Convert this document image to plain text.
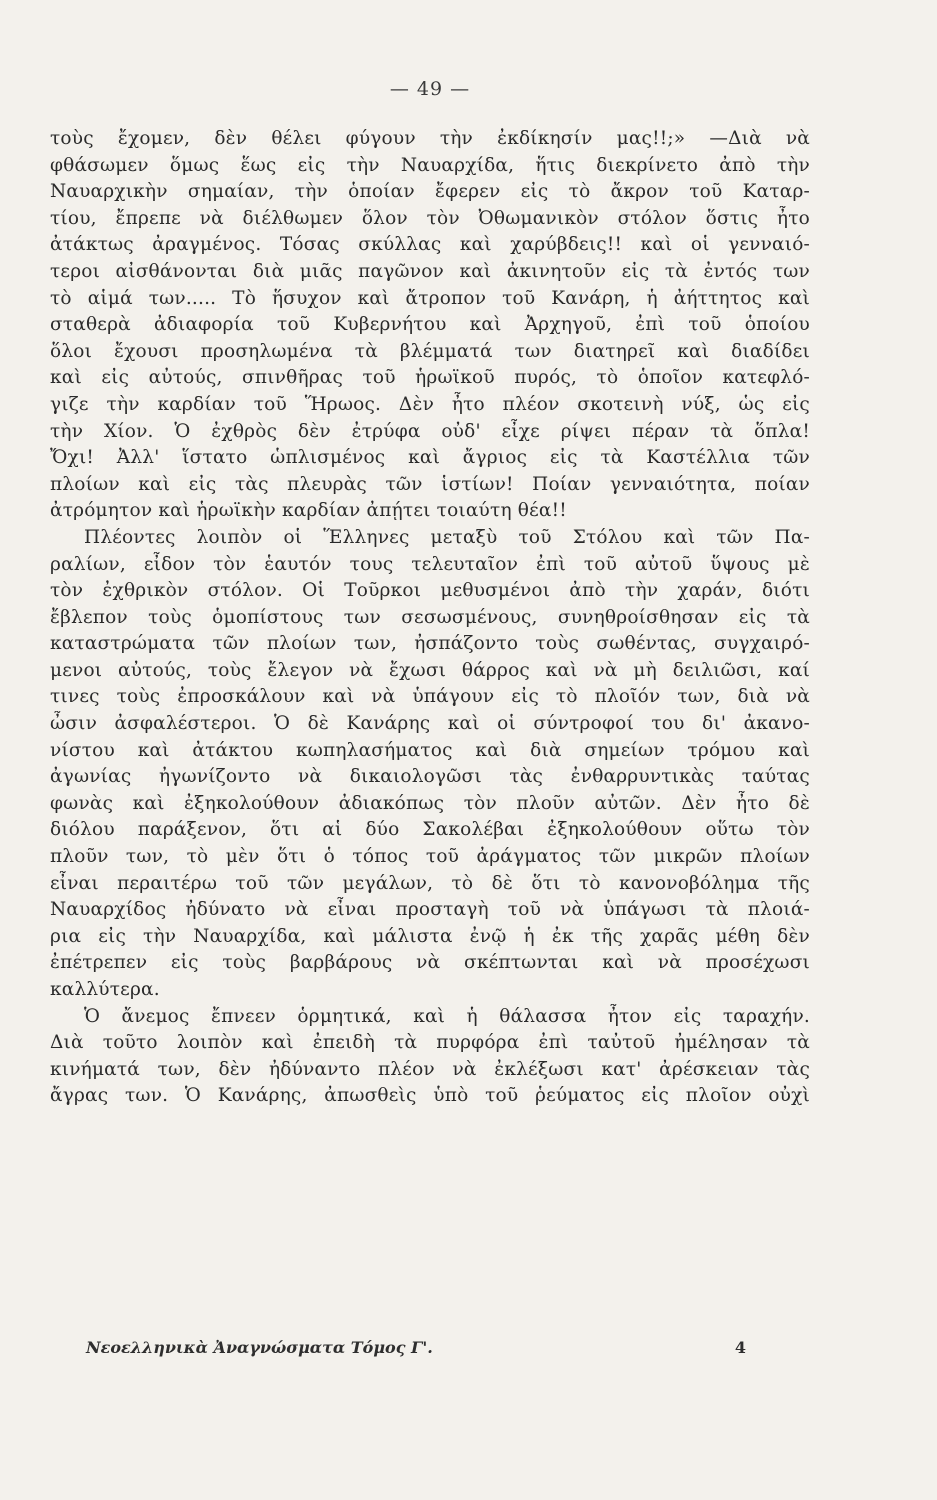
— 49 —
τοὺς ἔχομεν, δὲν θέλει φύγουν τὴν ἐκδίκησίν μας!!;» —Διὰ νὰ
φθάσωμεν ὅμως ἕως εἰς τὴν Ναυαρχίδα, ἥτις διεκρίνετο ἀπὸ τὴν
Ναυαρχικὴν σημαίαν, τὴν ὁποίαν ἔφερεν εἰς τὸ ἄκρον τοῦ Καταρ-
τίου, ἔπρεπε νὰ διέλθωμεν ὅλον τὸν Ὀθωμανικὸν στόλον ὅστις ἦτο
ἀτάκτως ἀραγμένος. Τόσας σκύλλας καὶ χαρύβδεις!! καὶ οἱ γενναιό-
τεροι αἰσθάνονται διὰ μιᾶς παγῶνον καὶ ἀκινητοῦν εἰς τὰ ἐντός των
τὸ αἱμά των..... Τὸ ἥσυχον καὶ ἄτροπον τοῦ Κανάρη, ἡ ἀήττητος καὶ
σταθερὰ ἀδιαφορία τοῦ Κυβερνήτου καὶ Ἀρχηγοῦ, ἐπὶ τοῦ ὁποίου
ὅλοι ἔχουσι προσηλωμένα τὰ βλέμματά των διατηρεῖ καὶ διαδίδει
καὶ εἰς αὐτούς, σπινθῆρας τοῦ ἡρωϊκοῦ πυρός, τὸ ὁποῖον κατεφλό-
γιζε τὴν καρδίαν τοῦ Ἥρωος. Δὲν ἦτο πλέον σκοτεινὴ νύξ, ὡς εἰς
τὴν Χίον. Ὁ ἐχθρὸς δὲν ἐτρύφα οὐδ' εἶχε ρίψει πέραν τὰ ὅπλα!
Ὄχι! Ἀλλ' ἵστατο ὡπλισμένος καὶ ἄγριος εἰς τὰ Καστέλλια τῶν
πλοίων καὶ εἰς τὰς πλευρὰς τῶν ἱστίων! Ποίαν γενναιότητα, ποίαν
ἀτρόμητον καὶ ἡρωϊκὴν καρδίαν ἀπῄτει τοιαύτη θέα!!
Πλέοντες λοιπὸν οἱ Ἕλληνες μεταξὺ τοῦ Στόλου καὶ τῶν Πα-
ραλίων, εἶδον τὸν ἑαυτόν τους τελευταῖον ἐπὶ τοῦ αὐτοῦ ὕψους μὲ
τὸν ἐχθρικὸν στόλον. Οἱ Τοῦρκοι μεθυσμένοι ἀπὸ τὴν χαράν, διότι
ἔβλεπον τοὺς ὁμοπίστους των σεσωσμένους, συνηθροίσθησαν εἰς τὰ
καταστρώματα τῶν πλοίων των, ἠσπάζοντο τοὺς σωθέντας, συγχαιρό-
μενοι αὐτούς, τοὺς ἔλεγον νὰ ἔχωσι θάρρος καὶ νὰ μὴ δειλιῶσι, καί
τινες τοὺς ἐπροσκάλουν καὶ νὰ ὑπάγουν εἰς τὸ πλοῖόν των, διὰ νὰ
ὦσιν ἀσφαλέστεροι. Ὁ δὲ Κανάρης καὶ οἱ σύντροφοί του δι' ἀκανο-
νίστου καὶ ἀτάκτου κωπηλασήματος καὶ διὰ σημείων τρόμου καὶ
ἀγωνίας ἠγωνίζοντο νὰ δικαιολογῶσι τὰς ἐνθαρρυντικὰς ταύτας
φωνὰς καὶ ἐξηκολούθουν ἀδιακόπως τὸν πλοῦν αὐτῶν. Δὲν ἦτο δὲ
διόλου παράξενον, ὅτι αἱ δύο Σακολέβαι ἐξηκολούθουν οὕτω τὸν
πλοῦν των, τὸ μὲν ὅτι ὁ τόπος τοῦ ἀράγματος τῶν μικρῶν πλοίων
εἶναι περαιτέρω τοῦ τῶν μεγάλων, τὸ δὲ ὅτι τὸ κανονοβόλημα τῆς
Ναυαρχίδος ἠδύνατο νὰ εἶναι προσταγὴ τοῦ νὰ ὑπάγωσι τὰ πλοιά-
ρια εἰς τὴν Ναυαρχίδα, καὶ μάλιστα ἐνῷ ἡ ἐκ τῆς χαρᾶς μέθη δὲν
ἐπέτρεπεν εἰς τοὺς βαρβάρους νὰ σκέπτωνται καὶ νὰ προσέχωσι
καλλύτερα.
Ὁ ἄνεμος ἔπνεεν ὁρμητικά, καὶ ἡ θάλασσα ἦτον εἰς ταραχήν.
Διὰ τοῦτο λοιπὸν καὶ ἐπειδὴ τὰ πυρφόρα ἐπὶ ταὐτοῦ ἠμέλησαν τὰ
κινήματά των, δὲν ἠδύναντο πλέον νὰ ἐκλέξωσι κατ' ἀρέσκειαν τὰς
ἄγρας των. Ὁ Κανάρης, ἀπωσθεὶς ὑπὸ τοῦ ῥεύματος εἰς πλοῖον οὐχὶ
Νεοελληνικὰ Ἀναγνώσματα Τόμος Γ'.	4
